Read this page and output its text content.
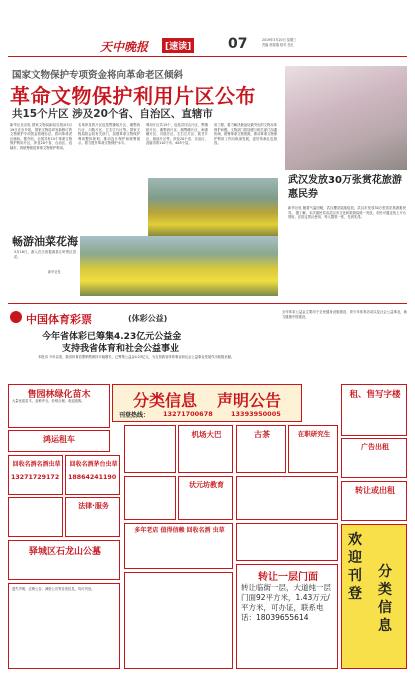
天中晚报	[速读]	07	2019年3月20日 星期三
责编 邢春瑞 校对 岳红
国家文物保护专项资金将向革命老区倾斜
革命文物保护利用片区公布
共15个片区 涉及20个省、自治区、直辖市
新华社北京电 国家文物局副局长胡冰3月19日在京介绍，国家文物局印发新修订的文物保护专项资金管理办法，将向革命老区倾斜。据介绍，全国共有15个革命文物保护利用片区，涉及20个省、自治区、直辖市，将统筹推进革命文物保护利用。
名单涉及的片区包括鄂豫皖片区、湘鄂西片区、川陕片区、左右江片区等。国家文物局将会同有关部门，加强革命文物保护利用整体规划，推动连片保护和统筹展示，着力提升革命文物保护水平。
利用片区共15个，包括井冈山片区、鄂豫皖片区、湘鄂西片区、湘鄂赣片区、闽浙赣片区、川陕片区、左右江片区、陕甘片区、琼崖片区等，涉及20个省、自治区、直辖市的110个市、645个县。
用工程，着力解决最迫切最突出的文物本体保护问题。文物部门将加强与相关部门沟通协调，统筹革命文物资源，推动革命文物保护利用工作向纵深发展，更好传承红色基因。
畅游油菜花海
3月18日，游人在江西婺源县江岭景区赏花。
新华社发
武汉发放30万张赏花旅游惠民券
新华社电 随着气温回暖，武汉樱花陆续绽放，武汉市发放30万张赏花旅游惠民券。 据了解，本次惠民券由武汉市文化和旅游局统一发放，市民可通过线上平台领取，在指定景区使用，每人限领一张，先到先得。
中国体育彩票	(体彩公益)
今年省体彩已筹集4.23亿元公益金
支持我省体育和社会公益事业
本报讯 今年以来，我省体育彩票销售保持平稳增长，已筹集公益金4.23亿元，为支持我省体育事业和社会公益事业发展作出积极贡献。
全年体彩公益金主要用于全民健身设施建设、青少年体育活动以及社会公益事业，助力健康中国建设。
分类信息 声明公告
刊登热线： 13271700678	13393950005
售园林绿化苗木
大量优质苗木，品种齐全，价格合理，欢迎选购。
鸿运租车
回收名酒名酒虫草
13271729172
回收名酒茅台虫草
18864241190
法律·服务
驿城区石龙山公墓
遗失声明、注销公告、减资公告等各类信息，均可刊登。
机场大巴
状元坊教育
多年老店 值得信赖 回收名酒 虫草
古茶	在职研究生
转让一层门面
转让临街一层，大道纯一层门面92平方米，1.43万元/平方米，可办证，联系电话：18039655614
租、售写字楼
广告出租
转让或出租
欢迎刊登
分类信息
